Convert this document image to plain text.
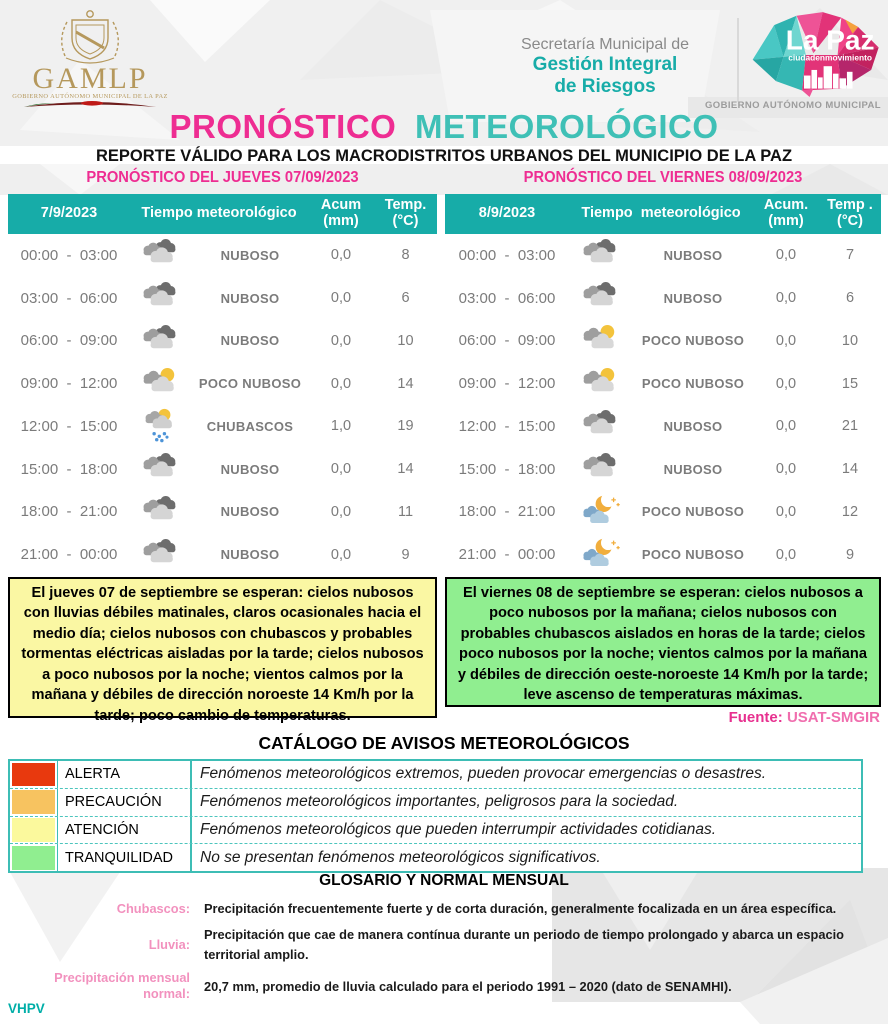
GAMLP
GOBIERNO AUTÓNOMO MUNICIPAL DE LA PAZ
Secretaría Municipal de
Gestión Integral
de Riesgos
La Paz
ciudadenmovimiento
GOBIERNO AUTÓNOMO MUNICIPAL
PRONÓSTICO METEOROLÓGICO
REPORTE VÁLIDO PARA LOS MACRODISTRITOS URBANOS DEL MUNICIPIO DE LA PAZ
PRONÓSTICO DEL JUEVES 07/09/2023	PRONÓSTICO DEL VIERNES 08/09/2023
7/9/2023	Tiempo meteorológico	Acum
(mm)
Temp.
(°C)
00:00  -  03:00	NUBOSO	0,0	8
03:00  -  06:00	NUBOSO	0,0	6
06:00  -  09:00	NUBOSO	0,0	10
09:00  -  12:00	POCO NUBOSO	0,0	14
12:00  -  15:00	CHUBASCOS	1,0	19
15:00  -  18:00	NUBOSO	0,0	14
18:00  -  21:00	NUBOSO	0,0	11
21:00  -  00:00	NUBOSO	0,0	9
8/9/2023	Tiempo  meteorológico	Acum.
(mm)
Temp .
(°C)
00:00  -  03:00	NUBOSO	0,0	7
03:00  -  06:00	NUBOSO	0,0	6
06:00  -  09:00	POCO NUBOSO	0,0	10
09:00  -  12:00	POCO NUBOSO	0,0	15
12:00  -  15:00	NUBOSO	0,0	21
15:00  -  18:00	NUBOSO	0,0	14
18:00  -  21:00	POCO NUBOSO	0,0	12
21:00  -  00:00	POCO NUBOSO	0,0	9
El jueves 07 de septiembre se esperan: cielos nubosos con lluvias débiles matinales, claros ocasionales hacia el medio día; cielos nubosos con chubascos y probables tormentas eléctricas aisladas por la tarde; cielos nubosos a poco nubosos por la noche; vientos calmos por la mañana y débiles de dirección noroeste 14 Km/h por la tarde; poco cambio de temperaturas.
El viernes 08 de septiembre se esperan: cielos nubosos a poco nubosos por la mañana; cielos nubosos con probables chubascos aislados en horas de la tarde; cielos poco nubosos por la noche; vientos calmos por la mañana y débiles de dirección oeste-noroeste 14 Km/h por la tarde; leve ascenso de temperaturas máximas.
Fuente: USAT-SMGIR
CATÁLOGO DE AVISOS METEOROLÓGICOS
ALERTA	Fenómenos meteorológicos extremos, pueden provocar emergencias o desastres.
PRECAUCIÓN	Fenómenos meteorológicos importantes, peligrosos para la sociedad.
ATENCIÓN	Fenómenos meteorológicos que pueden interrumpir actividades cotidianas.
TRANQUILIDAD	No se presentan fenómenos meteorológicos significativos.
GLOSARIO Y NORMAL MENSUAL
Chubascos: Precipitación frecuentemente fuerte y de corta duración, generalmente focalizada en un área específica.
Lluvia:
Precipitación que cae de manera contínua durante un periodo de tiempo prolongado y abarca un espacio territorial amplio.
Precipitación mensual normal:
20,7 mm, promedio de lluvia calculado para el periodo 1991 – 2020 (dato de SENAMHI).
VHPV
